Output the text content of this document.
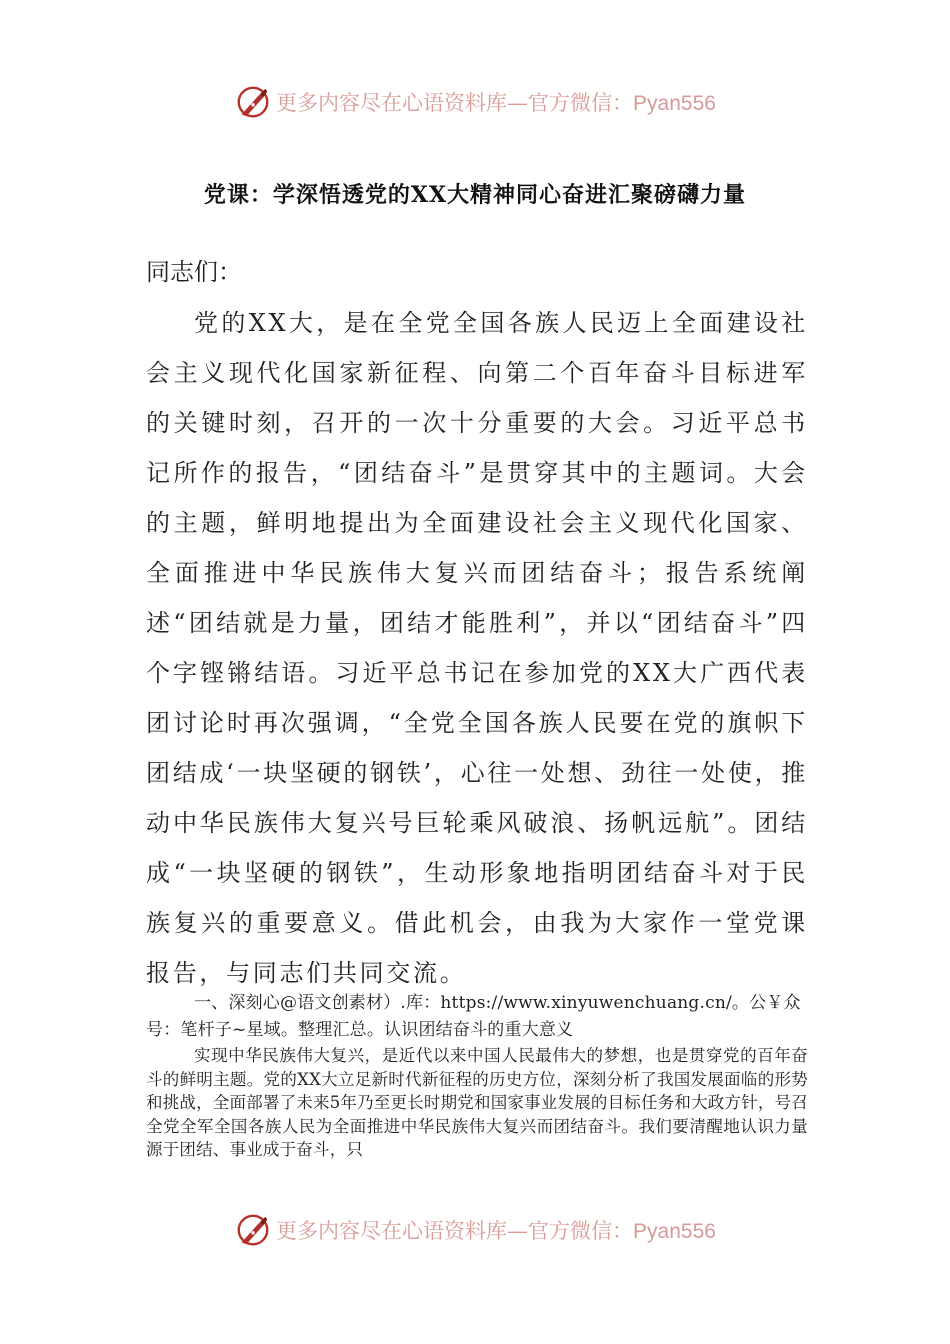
更多内容尽在心语资料库—官方微信：Pyan556
党课：学深悟透党的XX大精神同心奋进汇聚磅礴力量
同志们：

党的XX大，是在全党全国各族人民迈上全面建设社会主义现代化国家新征程、向第二个百年奋斗目标进军的关键时刻，召开的一次十分重要的大会。习近平总书记所作的报告，“团结奋斗”是贯穿其中的主题词。大会的主题，鲜明地提出为全面建设社会主义现代化国家、全面推进中华民族伟大复兴而团结奋斗；报告系统阐述“团结就是力量，团结才能胜利”，并以“团结奋斗”四个字铿锵结语。习近平总书记在参加党的XX大广西代表团讨论时再次强调，“全党全国各族人民要在党的旗帜下团结成‘一块坚硬的钢铁’，心往一处想、劲往一处使，推动中华民族伟大复兴号巨轮乘风破浪、扬帆远航”。团结成“一块坚硬的钢铁”，生动形象地指明团结奋斗对于民族复兴的重要意义。借此机会，由我为大家作一堂党课报告，与同志们共同交流。

一、深刻心@语文创素材）.库：https://www.xinyuwenchuang.cn/。公￥众号：笔杆子~星域。整理汇总。认识团结奋斗的重大意义

实现中华民族伟大复兴，是近代以来中国人民最伟大的梦想，也是贯穿党的百年奋斗的鲜明主题。党的XX大立足新时代新征程的历史方位，深刻分析了我国发展面临的形势和挑战，全面部署了未来5年乃至更长时期党和国家事业发展的目标任务和大政方针，号召全党全军全国各族人民为全面推进中华民族伟大复兴而团结奋斗。我们要清醒地认识力量源于团结、事业成于奋斗，只

更多内容尽在心语资料库—官方微信：Pyan556
